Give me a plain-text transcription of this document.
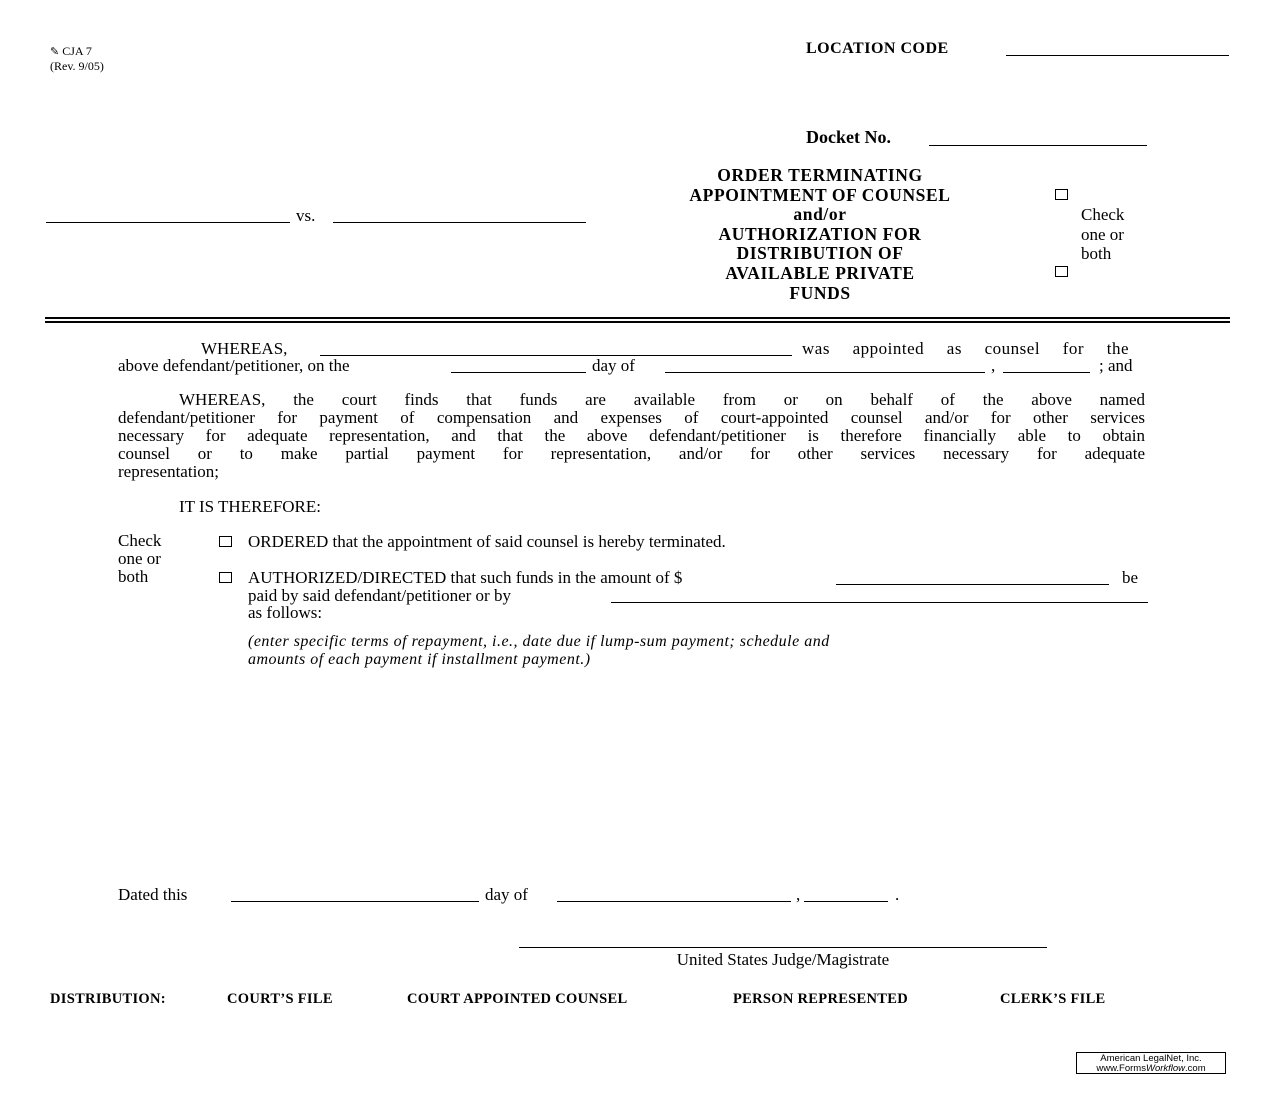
✎ CJA 7
(Rev. 9/05)
LOCATION CODE
Docket No.
vs.
ORDER TERMINATING
APPOINTMENT OF COUNSEL
and/or
AUTHORIZATION FOR
DISTRIBUTION OF
AVAILABLE PRIVATE
FUNDS
Check
one or
both
WHEREAS,	was appointed as counsel for the
above defendant/petitioner, on the	day of	,	; and
WHEREAS, the court finds that funds are available from or on behalf of the above named
defendant/petitioner for payment of compensation and expenses of court-appointed counsel and/or for other services
necessary for adequate representation, and that the above defendant/petitioner is therefore financially able to obtain
counsel or to make partial payment for representation, and/or for other services necessary for adequate
representation;
IT IS THEREFORE:
Check
one or
both
ORDERED that the appointment of said counsel is hereby terminated.
AUTHORIZED/DIRECTED that such funds in the amount of $	be
paid by said defendant/petitioner or by
as follows:
(enter specific terms of repayment, i.e., date due if lump-sum payment; schedule and
amounts of each payment if installment payment.)
Dated this	day of	,	.
United States Judge/Magistrate
DISTRIBUTION:	COURT’S FILE	COURT APPOINTED COUNSEL	PERSON REPRESENTED	CLERK’S FILE
American LegalNet, Inc.
www.FormsWorkflow.com
